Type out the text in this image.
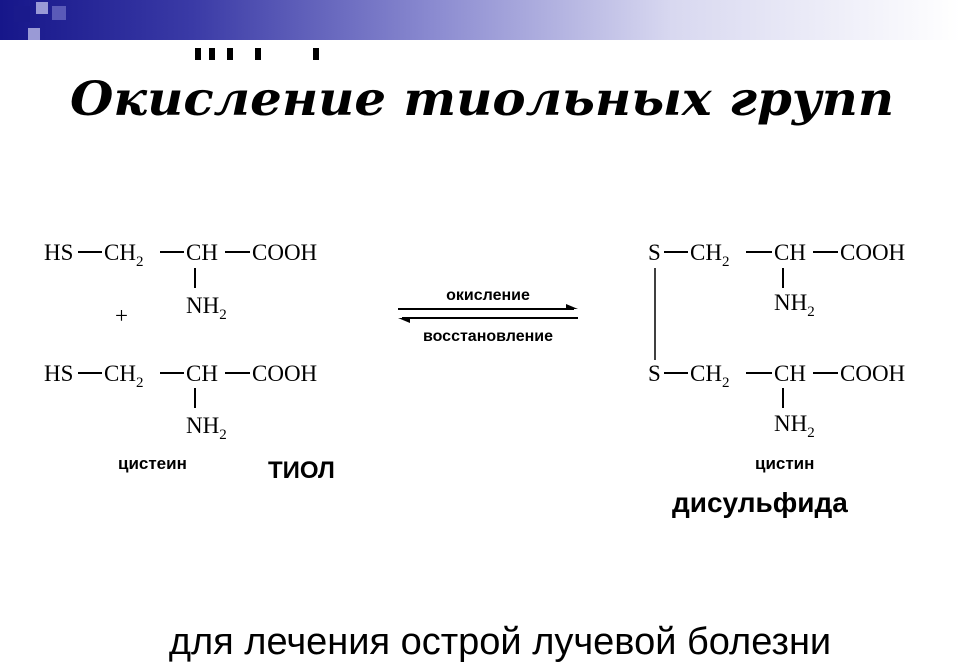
Окисление тиольных групп
HS $CH_2$ CH COOH
$NH_2$
+
HS $CH_2$ CH COOH
$NH_2$
цистеин
окисление
восстановление
S $CH_2$ CH COOH
$NH_2$
S $CH_2$ CH COOH
$NH_2$
цистин
ТИОЛ
дисульфида
для лечения острой лучевой болезни
